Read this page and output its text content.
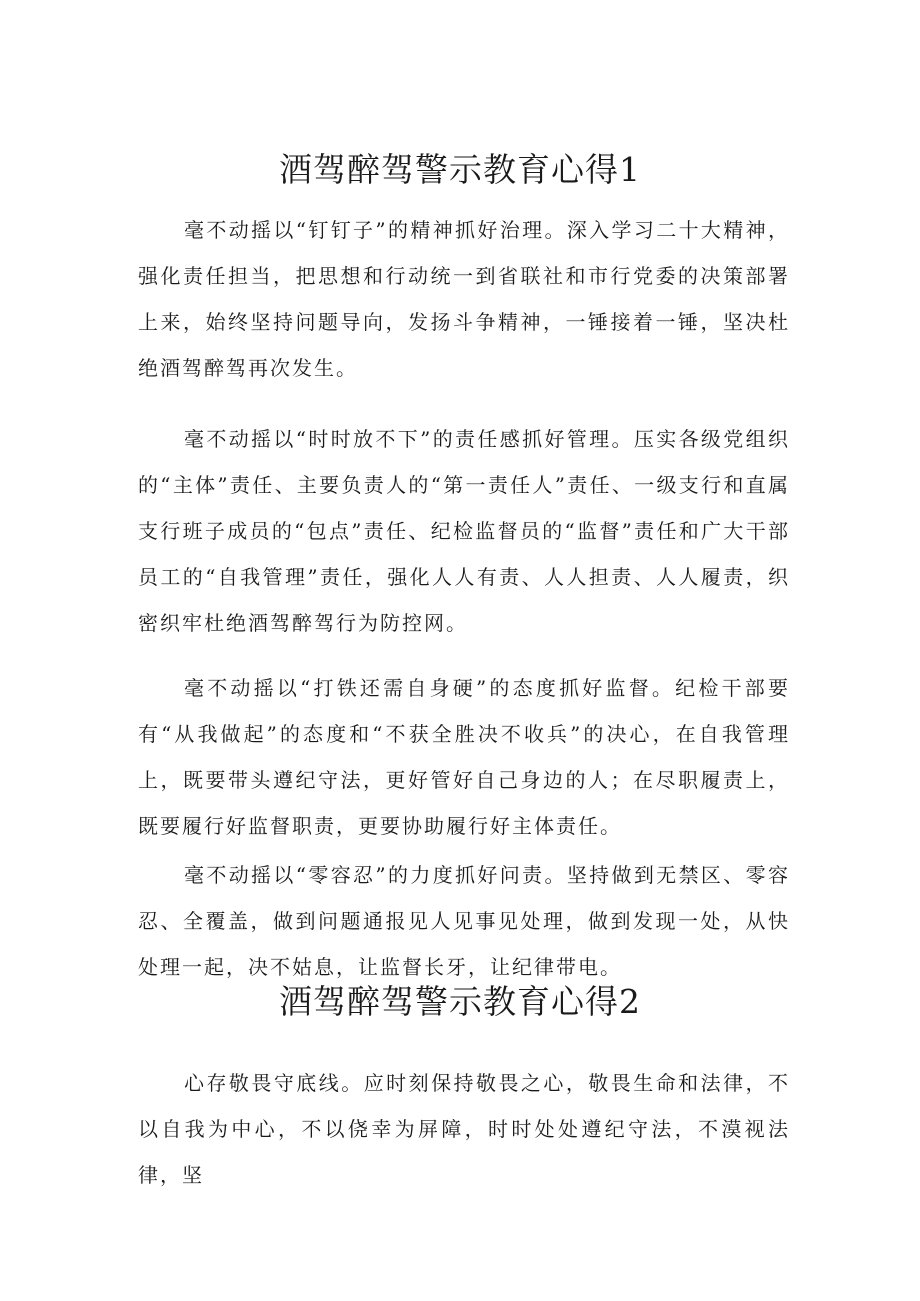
酒驾醉驾警示教育心得1

毫不动摇以“钉钉子”的精神抓好治理。深入学习二十大精神，强化责任担当，把思想和行动统一到省联社和市行党委的决策部署上来，始终坚持问题导向，发扬斗争精神，一锤接着一锤，坚决杜绝酒驾醉驾再次发生。

毫不动摇以“时时放不下”的责任感抓好管理。压实各级党组织的“主体”责任、主要负责人的“第一责任人”责任、一级支行和直属支行班子成员的“包点”责任、纪检监督员的“监督”责任和广大干部员工的“自我管理”责任，强化人人有责、人人担责、人人履责，织密织牢杜绝酒驾醉驾行为防控网。

毫不动摇以“打铁还需自身硬”的态度抓好监督。纪检干部要有“从我做起”的态度和“不获全胜决不收兵”的决心，在自我管理上，既要带头遵纪守法，更好管好自己身边的人；在尽职履责上，既要履行好监督职责，更要协助履行好主体责任。

毫不动摇以“零容忍”的力度抓好问责。坚持做到无禁区、零容忍、全覆盖，做到问题通报见人见事见处理，做到发现一处，从快处理一起，决不姑息，让监督长牙，让纪律带电。

酒驾醉驾警示教育心得2

心存敬畏守底线。应时刻保持敬畏之心，敬畏生命和法律，不以自我为中心，不以侥幸为屏障，时时处处遵纪守法，不漠视法律，坚
